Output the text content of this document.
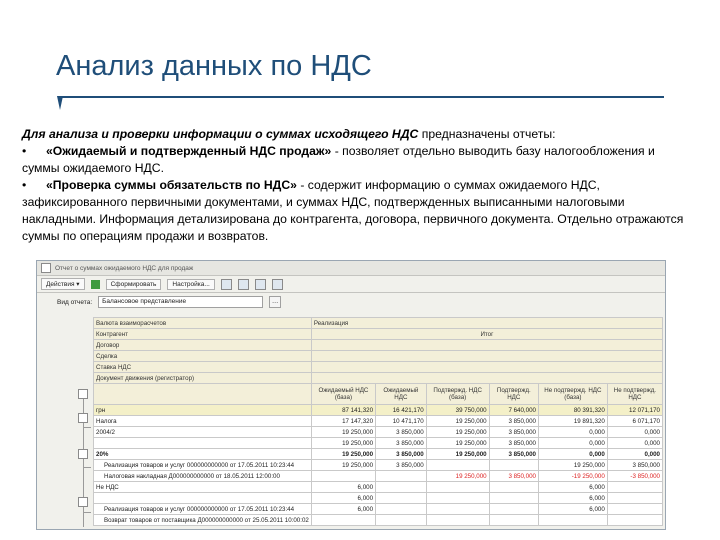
Анализ данных по НДС

Для анализа и проверки информации о суммах исходящего НДС предназначены отчеты:

• «Ожидаемый и подтвержденный НДС продаж» - позволяет отдельно выводить базу налогообложения и суммы ожидаемого НДС.

• «Проверка суммы обязательств по НДС» - содержит информацию о суммах ожидаемого НДС, зафиксированного первичными документами, и суммах НДС, подтвержденных выписанными налоговыми накладными. Информация детализирована до контрагента, договора, первичного документа. Отдельно отражаются суммы по операциям продажи и возвратов.

Отчет о суммах ожидаемого НДС для продаж
Действия ▾	Сформировать	Настройка...
Вид отчета:	Балансовое представление	…
Валюта взаиморасчетов	Реализация					
Контрагент	Итог					
Договор						
Сделка						
Ставка НДС						
Документ движения (регистратор)						
	Ожидаемый НДС (база)	Ожидаемый НДС	Подтвержд. НДС (база)	Подтвержд. НДС	Не подтвержд. НДС (база)	Не подтвержд. НДС
грн	87 141,320	16 421,170	39 750,000	7 640,000	80 391,320	12 071,170
Налога	17 147,320	10 471,170	19 250,000	3 850,000	19 891,320	6 071,170
2004/2	19 250,000	3 850,000	19 250,000	3 850,000	0,000	0,000
	19 250,000	3 850,000	19 250,000	3 850,000	0,000	0,000
20%	19 250,000	3 850,000	19 250,000	3 850,000	0,000	0,000
Реализация товаров и услуг 000000000000 от 17.05.2011 10:23:44	19 250,000	3 850,000			19 250,000	3 850,000
Налоговая накладная Д000000000000 от 18.05.2011 12:00:00			19 250,000	3 850,000	-19 250,000	-3 850,000
Не НДС	6,000				6,000	
	6,000				6,000	
Реализация товаров и услуг 000000000000 от 17.05.2011 10:23:44	6,000				6,000	
Возврат товаров от поставщика Д000000000000 от 25.05.2011 10:00:02						
